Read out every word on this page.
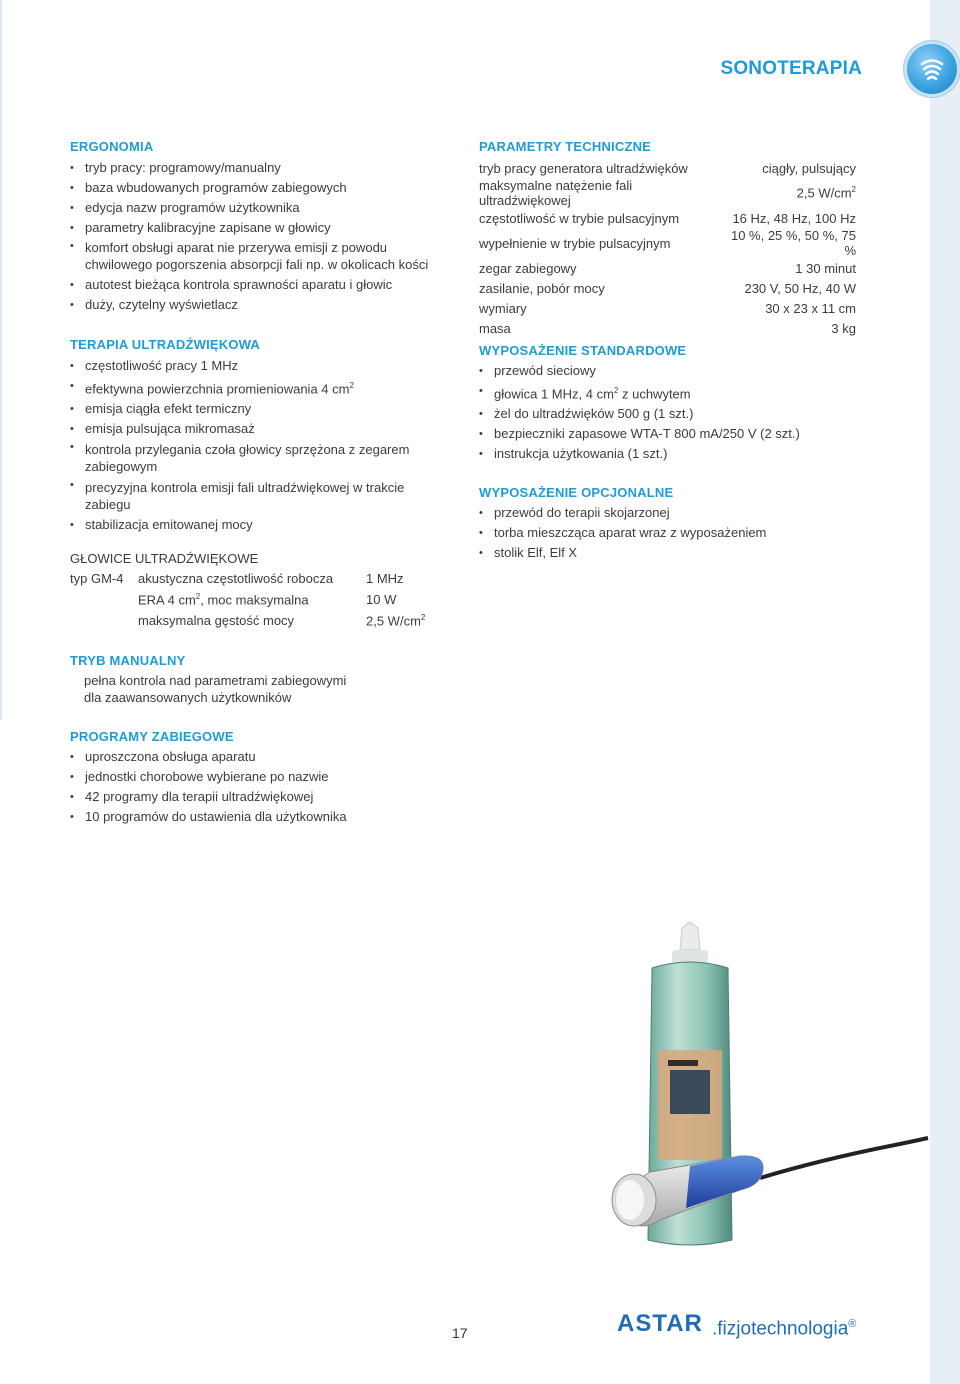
SONOTERAPIA
ERGONOMIA
• tryb pracy: programowy/manualny
• baza wbudowanych programów zabiegowych
• edycja nazw programów użytkownika
• parametry kalibracyjne zapisane w głowicy
• komfort obsługi aparat nie przerywa emisji z powodu chwilowego pogorszenia absorpcji fali np. w okolicach kości
• autotest bieżąca kontrola sprawności aparatu i głowic
• duży, czytelny wyświetlacz
TERAPIA ULTRADŹWIĘKOWA
• częstotliwość pracy 1 MHz
• efektywna powierzchnia promieniowania 4 $cm^2$
• emisja ciągła efekt termiczny
• emisja pulsująca mikromasaż
• kontrola przylegania czoła głowicy sprzężona z zegarem zabiegowym
• precyzyjna kontrola emisji fali ultradźwiękowej w trakcie zabiegu
• stabilizacja emitowanej mocy
GŁOWICE ULTRADŹWIĘKOWE
typ GM-4	akustyczna częstotliwość robocza	1 MHz
	ERA 4 $cm^2$, moc maksymalna	10 W
	maksymalna gęstość mocy	2,5 $W/cm^2$
TRYB MANUALNY
pełna kontrola nad parametrami zabiegowymi dla zaawansowanych użytkowników
PROGRAMY ZABIEGOWE
• uproszczona obsługa aparatu
• jednostki chorobowe wybierane po nazwie
• 42 programy dla terapii ultradźwiękowej
• 10 programów do ustawienia dla użytkownika
PARAMETRY TECHNICZNE
tryb pracy generatora ultradźwięków	ciągły, pulsujący
maksymalne natężenie fali ultradźwiękowej	2,5 $W/cm^2$
częstotliwość w trybie pulsacyjnym	16 Hz, 48 Hz, 100 Hz
wypełnienie w trybie pulsacyjnym	10 %, 25 %, 50 %, 75 %
zegar zabiegowy	1 30 minut
zasilanie, pobór mocy	230 V, 50 Hz, 40 W
wymiary	30 x 23 x 11 cm
masa	3 kg
WYPOSAŻENIE STANDARDOWE
• przewód sieciowy
• głowica 1 MHz, 4 $cm^2$ z uchwytem
• żel do ultradźwięków 500 g (1 szt.)
• bezpieczniki zapasowe WTA-T 800 mA/250 V (2 szt.)
• instrukcja użytkowania (1 szt.)
WYPOSAŻENIE OPCJONALNE
• przewód do terapii skojarzonej
• torba mieszcząca aparat wraz z wyposażeniem
• stolik Elf, Elf X
17	ASTAR .fizjotechnologia®
